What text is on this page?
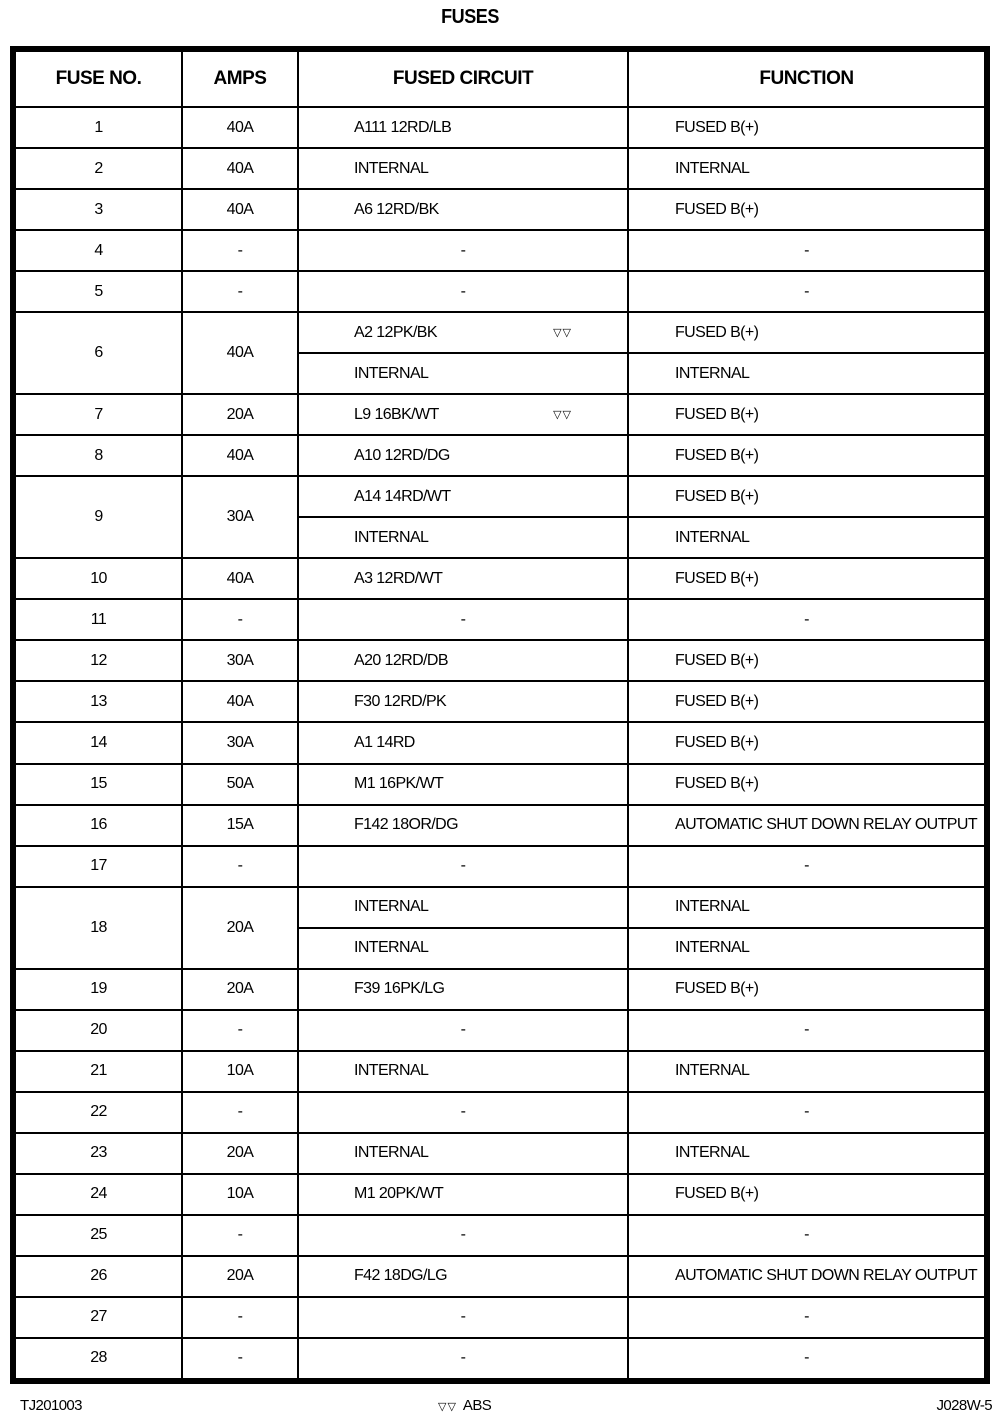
FUSES
FUSE NO.	AMPS	FUSED CIRCUIT	FUNCTION
1	40A	A111 12RD/LB	FUSED B(+)
2	40A	INTERNAL	INTERNAL
3	40A	A6 12RD/BK	FUSED B(+)
4	-	-	-
5	-	-	-
6	40A	A2 12PK/BK ▽▽	FUSED B(+)
		INTERNAL	INTERNAL
7	20A	L9 16BK/WT ▽▽	FUSED B(+)
8	40A	A10 12RD/DG	FUSED B(+)
9	30A	A14 14RD/WT	FUSED B(+)
		INTERNAL	INTERNAL
10	40A	A3 12RD/WT	FUSED B(+)
11	-	-	-
12	30A	A20 12RD/DB	FUSED B(+)
13	40A	F30 12RD/PK	FUSED B(+)
14	30A	A1 14RD	FUSED B(+)
15	50A	M1 16PK/WT	FUSED B(+)
16	15A	F142 18OR/DG	AUTOMATIC SHUT DOWN RELAY OUTPUT
17	-	-	-
18	20A	INTERNAL	INTERNAL
		INTERNAL	INTERNAL
19	20A	F39 16PK/LG	FUSED B(+)
20	-	-	-
21	10A	INTERNAL	INTERNAL
22	-	-	-
23	20A	INTERNAL	INTERNAL
24	10A	M1 20PK/WT	FUSED B(+)
25	-	-	-
26	20A	F42 18DG/LG	AUTOMATIC SHUT DOWN RELAY OUTPUT
27	-	-	-
28	-	-	-
TJ201003	▽▽ ABS	J028W-5
